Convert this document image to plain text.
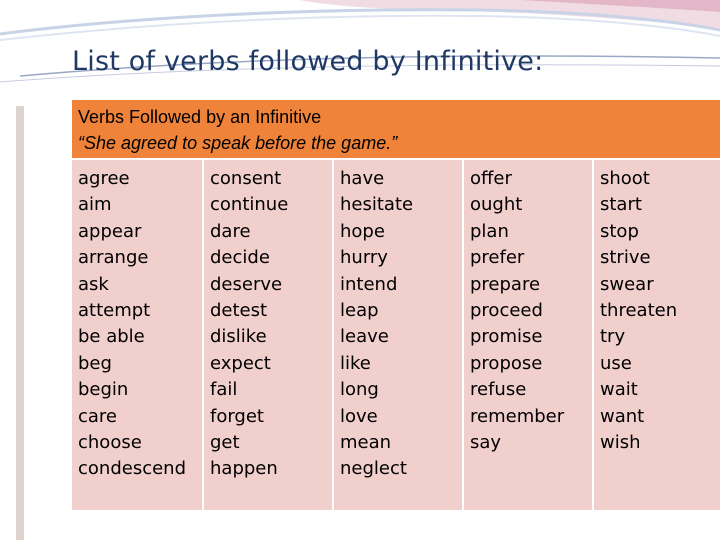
List of verbs followed by Infinitive:
Verbs Followed by an Infinitive
“She agreed to speak before the game.”
agree
aim
appear
arrange
ask
attempt
be able
beg
begin
care
choose
condescend
consent
continue
dare
decide
deserve
detest
dislike
expect
fail
forget
get
happen
have
hesitate
hope
hurry
intend
leap
leave
like
long
love
mean
neglect
offer
ought
plan
prefer
prepare
proceed
promise
propose
refuse
remember
say
shoot
start
stop
strive
swear
threaten
try
use
wait
want
wish
